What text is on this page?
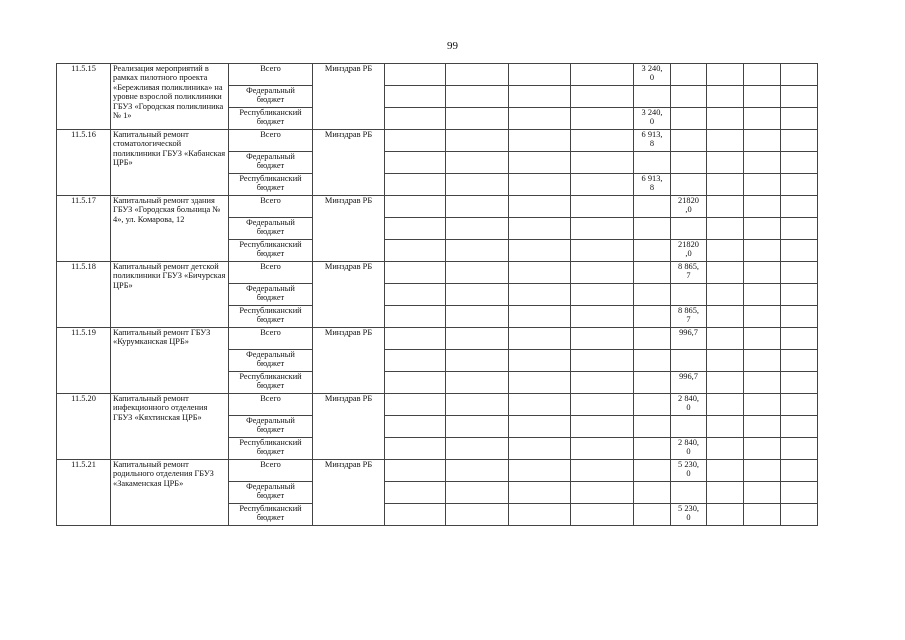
99
11.5.15	Реализация мероприятий в рамках пилотного проекта «Бережливая поликлиника» на уровне взрослой поликлиники ГБУЗ «Городская поликлиника № 1»	Всего	Минздрав РБ					3 240,
0				
		Федеральный
бюджет										
		Республиканский
бюджет						3 240,
0				
11.5.16	Капитальный ремонт стоматологической поликлиники ГБУЗ «Кабанская ЦРБ»	Всего	Минздрав РБ					6 913,
8				
		Федеральный
бюджет										
		Республиканский
бюджет						6 913,
8				
11.5.17	Капитальный ремонт здания ГБУЗ «Городская больница № 4», ул. Комарова, 12	Всего	Минздрав РБ						21820
,0			
		Федеральный
бюджет										
		Республиканский
бюджет							21820
,0			
11.5.18	Капитальный ремонт детской поликлиники ГБУЗ «Бичурская ЦРБ»	Всего	Минздрав РБ						8 865,
7			
		Федеральный
бюджет										
		Республиканский
бюджет							8 865,
7			
11.5.19	Капитальный ремонт ГБУЗ «Курумканская ЦРБ»	Всего	Минздрав РБ						996,7			
		Федеральный
бюджет										
		Республиканский
бюджет							996,7			
11.5.20	Капитальный ремонт инфекционного отделения ГБУЗ «Кяхтинская ЦРБ»	Всего	Минздрав РБ						2 840,
0			
		Федеральный
бюджет										
		Республиканский
бюджет							2 840,
0			
11.5.21	Капитальный ремонт родильного отделения ГБУЗ «Закаменская ЦРБ»	Всего	Минздрав РБ						5 230,
0			
		Федеральный
бюджет										
		Республиканский
бюджет							5 230,
0			
